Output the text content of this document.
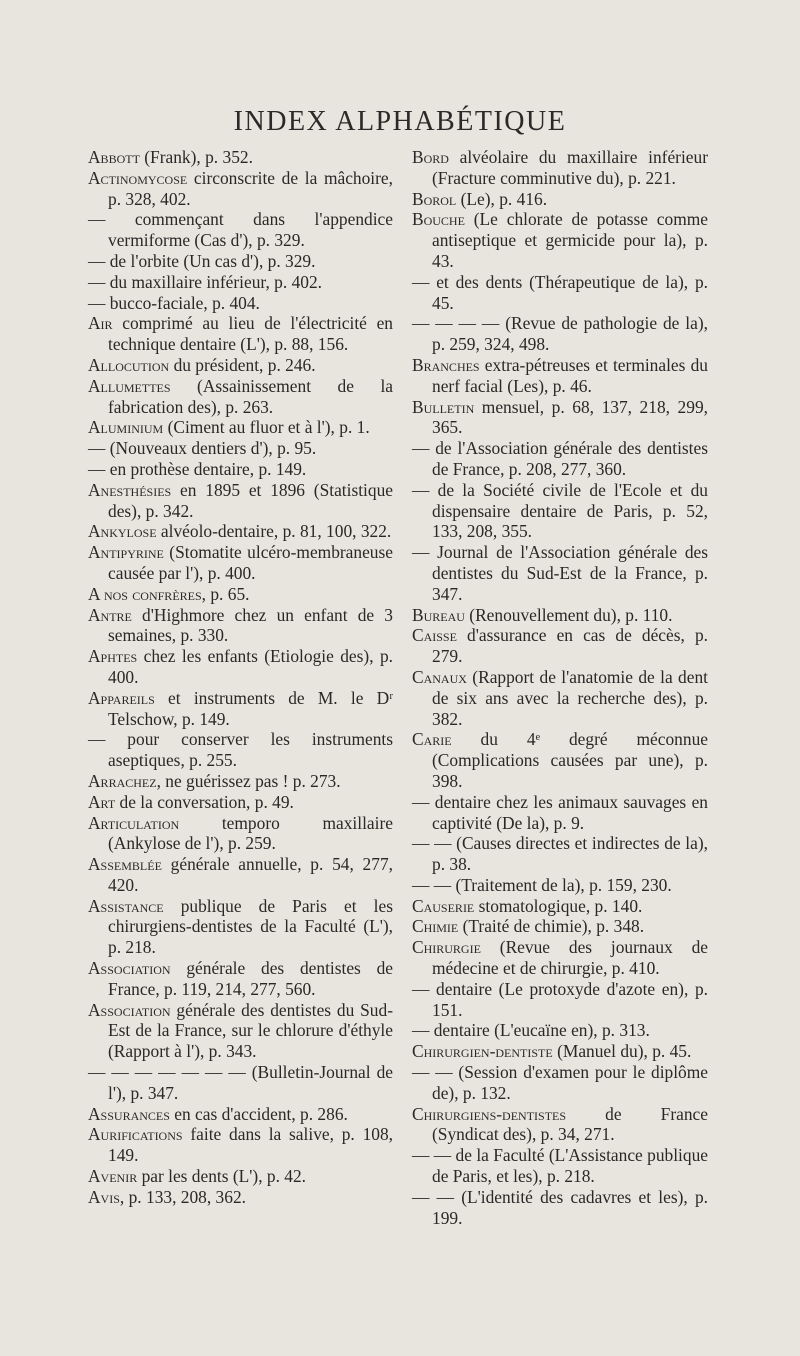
INDEX ALPHABÉTIQUE

Abbott (Frank), p. 352.

Actinomycose circonscrite de la mâchoire, p. 328, 402.

— commençant dans l'appendice vermiforme (Cas d'), p. 329.

— de l'orbite (Un cas d'), p. 329.

— du maxillaire inférieur, p. 402.

— bucco-faciale, p. 404.

Air comprimé au lieu de l'électricité en technique dentaire (L'), p. 88, 156.

Allocution du président, p. 246.

Allumettes (Assainissement de la fabrication des), p. 263.

Aluminium (Ciment au fluor et à l'), p. 1.

— (Nouveaux dentiers d'), p. 95.

— en prothèse dentaire, p. 149.

Anesthésies en 1895 et 1896 (Statistique des), p. 342.

Ankylose alvéolo-dentaire, p. 81, 100, 322.

Antipyrine (Stomatite ulcéro-membraneuse causée par l'), p. 400.

A nos confrères, p. 65.

Antre d'Highmore chez un enfant de 3 semaines, p. 330.

Aphtes chez les enfants (Etiologie des), p. 400.

Appareils et instruments de M. le Dʳ Telschow, p. 149.

— pour conserver les instruments aseptiques, p. 255.

Arrachez, ne guérissez pas ! p. 273.

Art de la conversation, p. 49.

Articulation temporo maxillaire (Ankylose de l'), p. 259.

Assemblée générale annuelle, p. 54, 277, 420.

Assistance publique de Paris et les chirurgiens-dentistes de la Faculté (L'), p. 218.

Association générale des dentistes de France, p. 119, 214, 277, 560.

Association générale des dentistes du Sud-Est de la France, sur le chlorure d'éthyle (Rapport à l'), p. 343.

— — — — — — — (Bulletin-Journal de l'), p. 347.

Assurances en cas d'accident, p. 286.

Aurifications faite dans la salive, p. 108, 149.

Avenir par les dents (L'), p. 42.

Avis, p. 133, 208, 362.

Bord alvéolaire du maxillaire inférieur (Fracture comminutive du), p. 221.

Borol (Le), p. 416.

Bouche (Le chlorate de potasse comme antiseptique et germicide pour la), p. 43.

— et des dents (Thérapeutique de la), p. 45.

— — — — (Revue de pathologie de la), p. 259, 324, 498.

Branches extra-pétreuses et terminales du nerf facial (Les), p. 46.

Bulletin mensuel, p. 68, 137, 218, 299, 365.

— de l'Association générale des dentistes de France, p. 208, 277, 360.

— de la Société civile de l'Ecole et du dispensaire dentaire de Paris, p. 52, 133, 208, 355.

— Journal de l'Association générale des dentistes du Sud-Est de la France, p. 347.

Bureau (Renouvellement du), p. 110.

Caisse d'assurance en cas de décès, p. 279.

Canaux (Rapport de l'anatomie de la dent de six ans avec la recherche des), p. 382.

Carie du 4ᵉ degré méconnue (Complications causées par une), p. 398.

— dentaire chez les animaux sauvages en captivité (De la), p. 9.

— — (Causes directes et indirectes de la), p. 38.

— — (Traitement de la), p. 159, 230.

Causerie stomatologique, p. 140.

Chimie (Traité de chimie), p. 348.

Chirurgie (Revue des journaux de médecine et de chirurgie, p. 410.

— dentaire (Le protoxyde d'azote en), p. 151.

— dentaire (L'eucaïne en), p. 313.

Chirurgien-dentiste (Manuel du), p. 45.

— — (Session d'examen pour le diplôme de), p. 132.

Chirurgiens-dentistes de France (Syndicat des), p. 34, 271.

— — de la Faculté (L'Assistance publique de Paris, et les), p. 218.

— — (L'identité des cadavres et les), p. 199.
